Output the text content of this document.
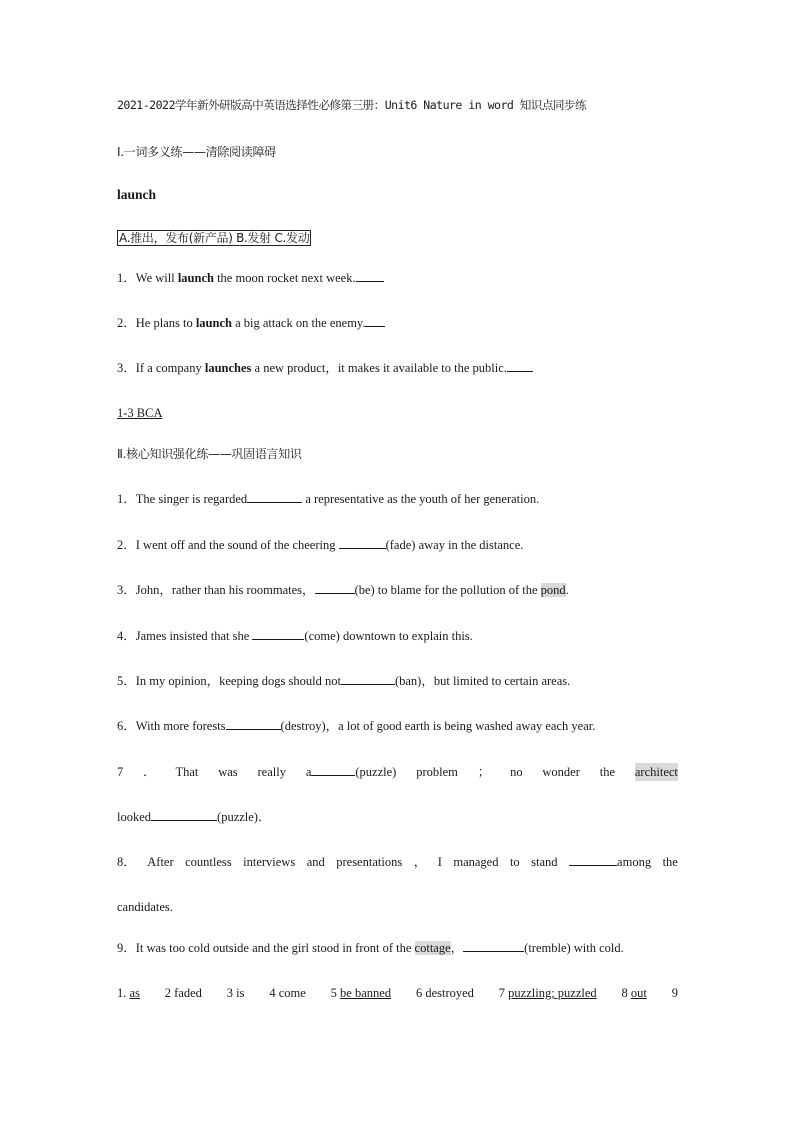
2021-2022学年新外研版高中英语选择性必修第三册：Unit6 Nature in word 知识点同步练
Ⅰ.一词多义练——清除阅读障碍
launch
A.推出，发布(新产品) B.发射 C.发动
1．We will launch the moon rocket next week.
2．He plans to launch a big attack on the enemy.
3．If a company launches a new product，it makes it available to the public.
1-3 BCA
Ⅱ.核心知识强化练——巩固语言知识
1．The singer is regarded	a representative as the youth of her generation.
2．I went off and the sound of the cheering	(fade) away in the distance.
3．John，rather than his roommates，	(be) to blame for the pollution of the pond.
4．James insisted that she	(come) downtown to explain this.
5．In my opinion，keeping dogs should not	(ban)，but limited to certain areas.
6．With more forests	(destroy)，a lot of good earth is being washed away each year.
7 ． That was really a	(puzzle) problem ； no wonder the architect
looked	(puzzle)．
8． After countless interviews and presentations ， I managed to stand	among the
candidates.
9．It was too cold outside and the girl stood in front of the cottage，	(tremble) with cold.
1. as 2 faded 3 is 4 come 5 be banned 6 destroyed 7 puzzling; puzzled 8 out 9
